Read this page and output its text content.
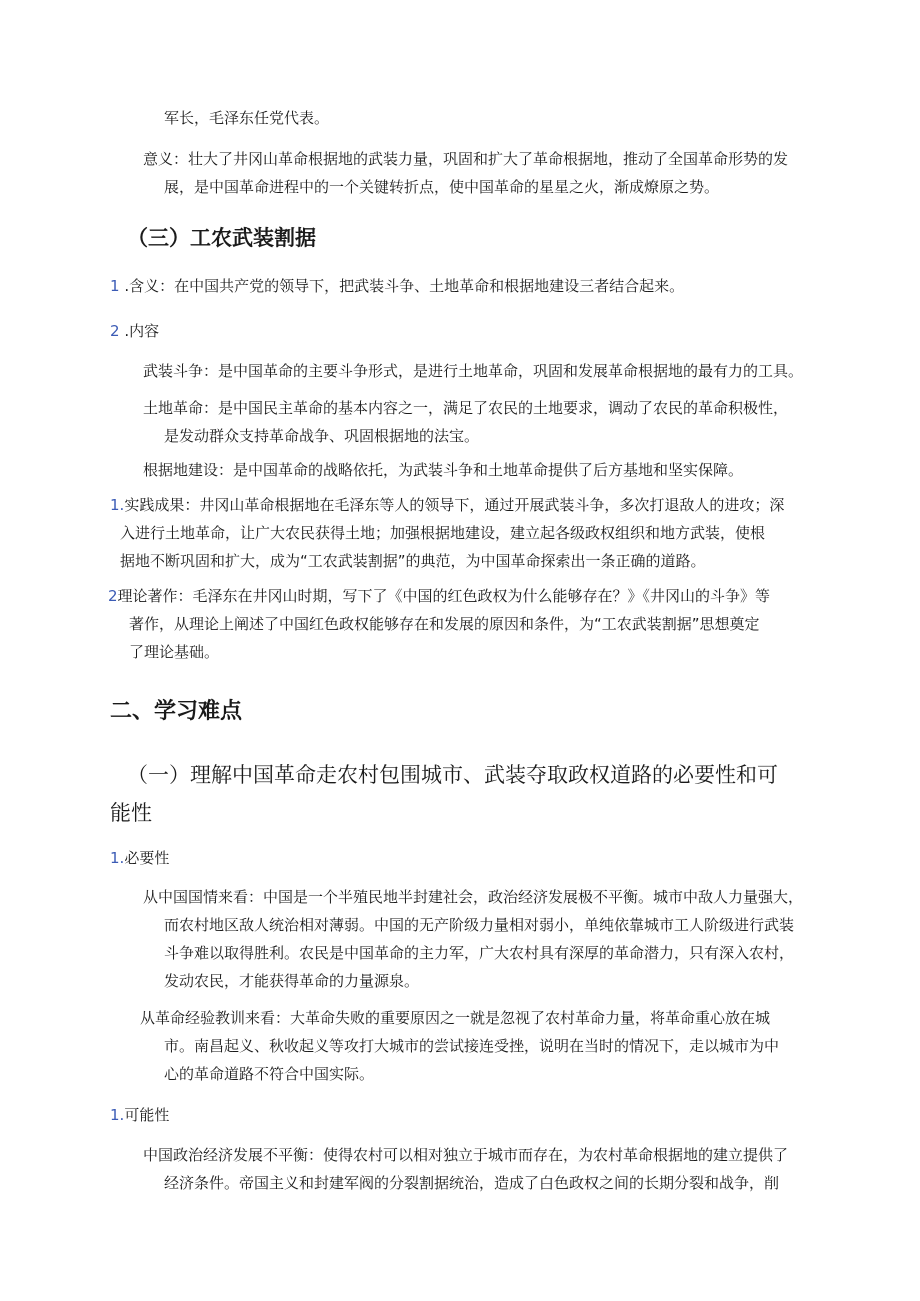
军长，毛泽东任党代表。

意义：壮大了井冈山革命根据地的武装力量，巩固和扩大了革命根据地，推动了全国革命形势的发
展，是中国革命进程中的一个关键转折点，使中国革命的星星之火，渐成燎原之势。
（三）工农武装割据

1 .含义：在中国共产党的领导下，把武装斗争、土地革命和根据地建设三者结合起来。

2 .内容

武装斗争：是中国革命的主要斗争形式，是进行土地革命，巩固和发展革命根据地的最有力的工具。

土地革命：是中国民主革命的基本内容之一，满足了农民的土地要求，调动了农民的革命积极性，
是发动群众支持革命战争、巩固根据地的法宝。

根据地建设：是中国革命的战略依托，为武装斗争和土地革命提供了后方基地和坚实保障。

1.实践成果：井冈山革命根据地在毛泽东等人的领导下，通过开展武装斗争，多次打退敌人的进攻；深
入进行土地革命，让广大农民获得土地；加强根据地建设，建立起各级政权组织和地方武装，使根
据地不断巩固和扩大，成为“工农武装割据”的典范，为中国革命探索出一条正确的道路。
2理论著作：毛泽东在井冈山时期，写下了《中国的红色政权为什么能够存在？》《井冈山的斗争》等
著作，从理论上阐述了中国红色政权能够存在和发展的原因和条件，为“工农武装割据”思想奠定
了理论基础。
二、学习难点
（一）理解中国革命走农村包围城市、武装夺取政权道路的必要性和可
能性

1.必要性

从中国国情来看：中国是一个半殖民地半封建社会，政治经济发展极不平衡。城市中敌人力量强大，
而农村地区敌人统治相对薄弱。中国的无产阶级力量相对弱小，单纯依靠城市工人阶级进行武装
斗争难以取得胜利。农民是中国革命的主力军，广大农村具有深厚的革命潜力，只有深入农村，
发动农民，才能获得革命的力量源泉。
从革命经验教训来看：大革命失败的重要原因之一就是忽视了农村革命力量，将革命重心放在城
市。南昌起义、秋收起义等攻打大城市的尝试接连受挫，说明在当时的情况下，走以城市为中
心的革命道路不符合中国实际。

1.可能性

中国政治经济发展不平衡：使得农村可以相对独立于城市而存在，为农村革命根据地的建立提供了
经济条件。帝国主义和封建军阀的分裂割据统治，造成了白色政权之间的长期分裂和战争，削
